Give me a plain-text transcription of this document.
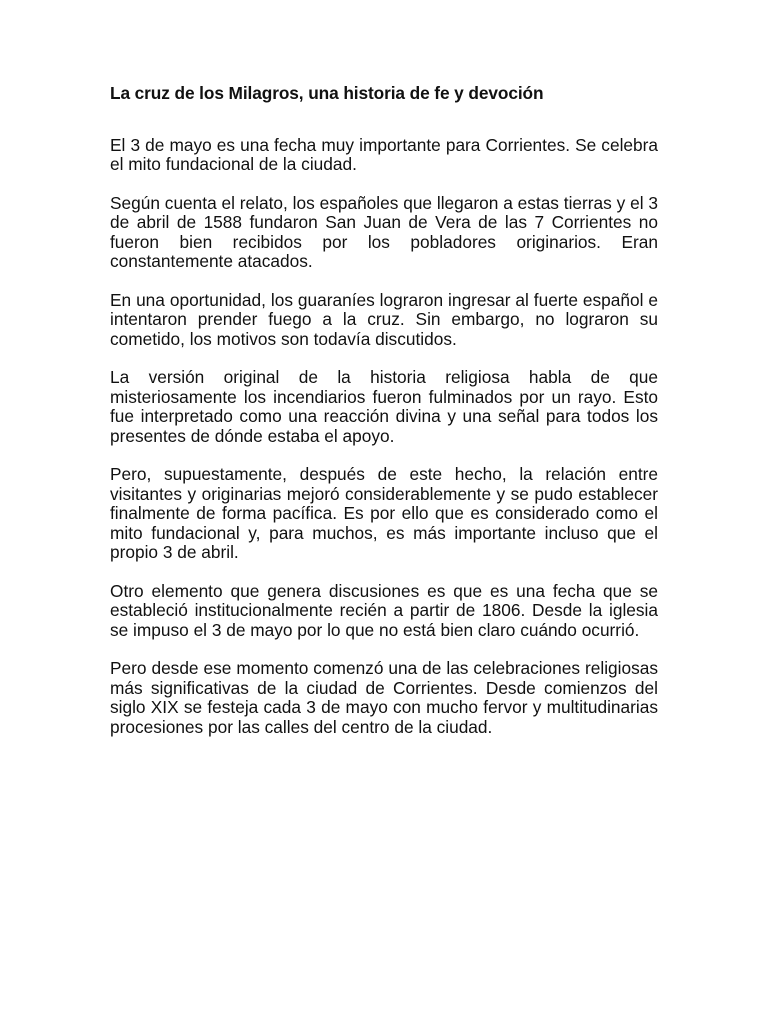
La cruz de los Milagros, una historia de fe y devoción

El 3 de mayo es una fecha muy importante para Corrientes. Se celebra el mito fundacional de la ciudad.

Según cuenta el relato, los españoles que llegaron a estas tierras y el 3 de abril de 1588 fundaron San Juan de Vera de las 7 Corrientes no fueron bien recibidos por los pobladores originarios. Eran constantemente atacados.

En una oportunidad, los guaraníes lograron ingresar al fuerte español e intentaron prender fuego a la cruz. Sin embargo, no lograron su cometido, los motivos son todavía discutidos.

La versión original de la historia religiosa habla de que misteriosamente los incendiarios fueron fulminados por un rayo. Esto fue interpretado como una reacción divina y una señal para todos los presentes de dónde estaba el apoyo.

Pero, supuestamente, después de este hecho, la relación entre visitantes y originarias mejoró considerablemente y se pudo establecer finalmente de forma pacífica. Es por ello que es considerado como el mito fundacional y, para muchos, es más importante incluso que el propio 3 de abril.

Otro elemento que genera discusiones es que es una fecha que se estableció institucionalmente recién a partir de 1806. Desde la iglesia se impuso el 3 de mayo por lo que no está bien claro cuándo ocurrió.

Pero desde ese momento comenzó una de las celebraciones religiosas más significativas de la ciudad de Corrientes. Desde comienzos del siglo XIX se festeja cada 3 de mayo con mucho fervor y multitudinarias procesiones por las calles del centro de la ciudad.
